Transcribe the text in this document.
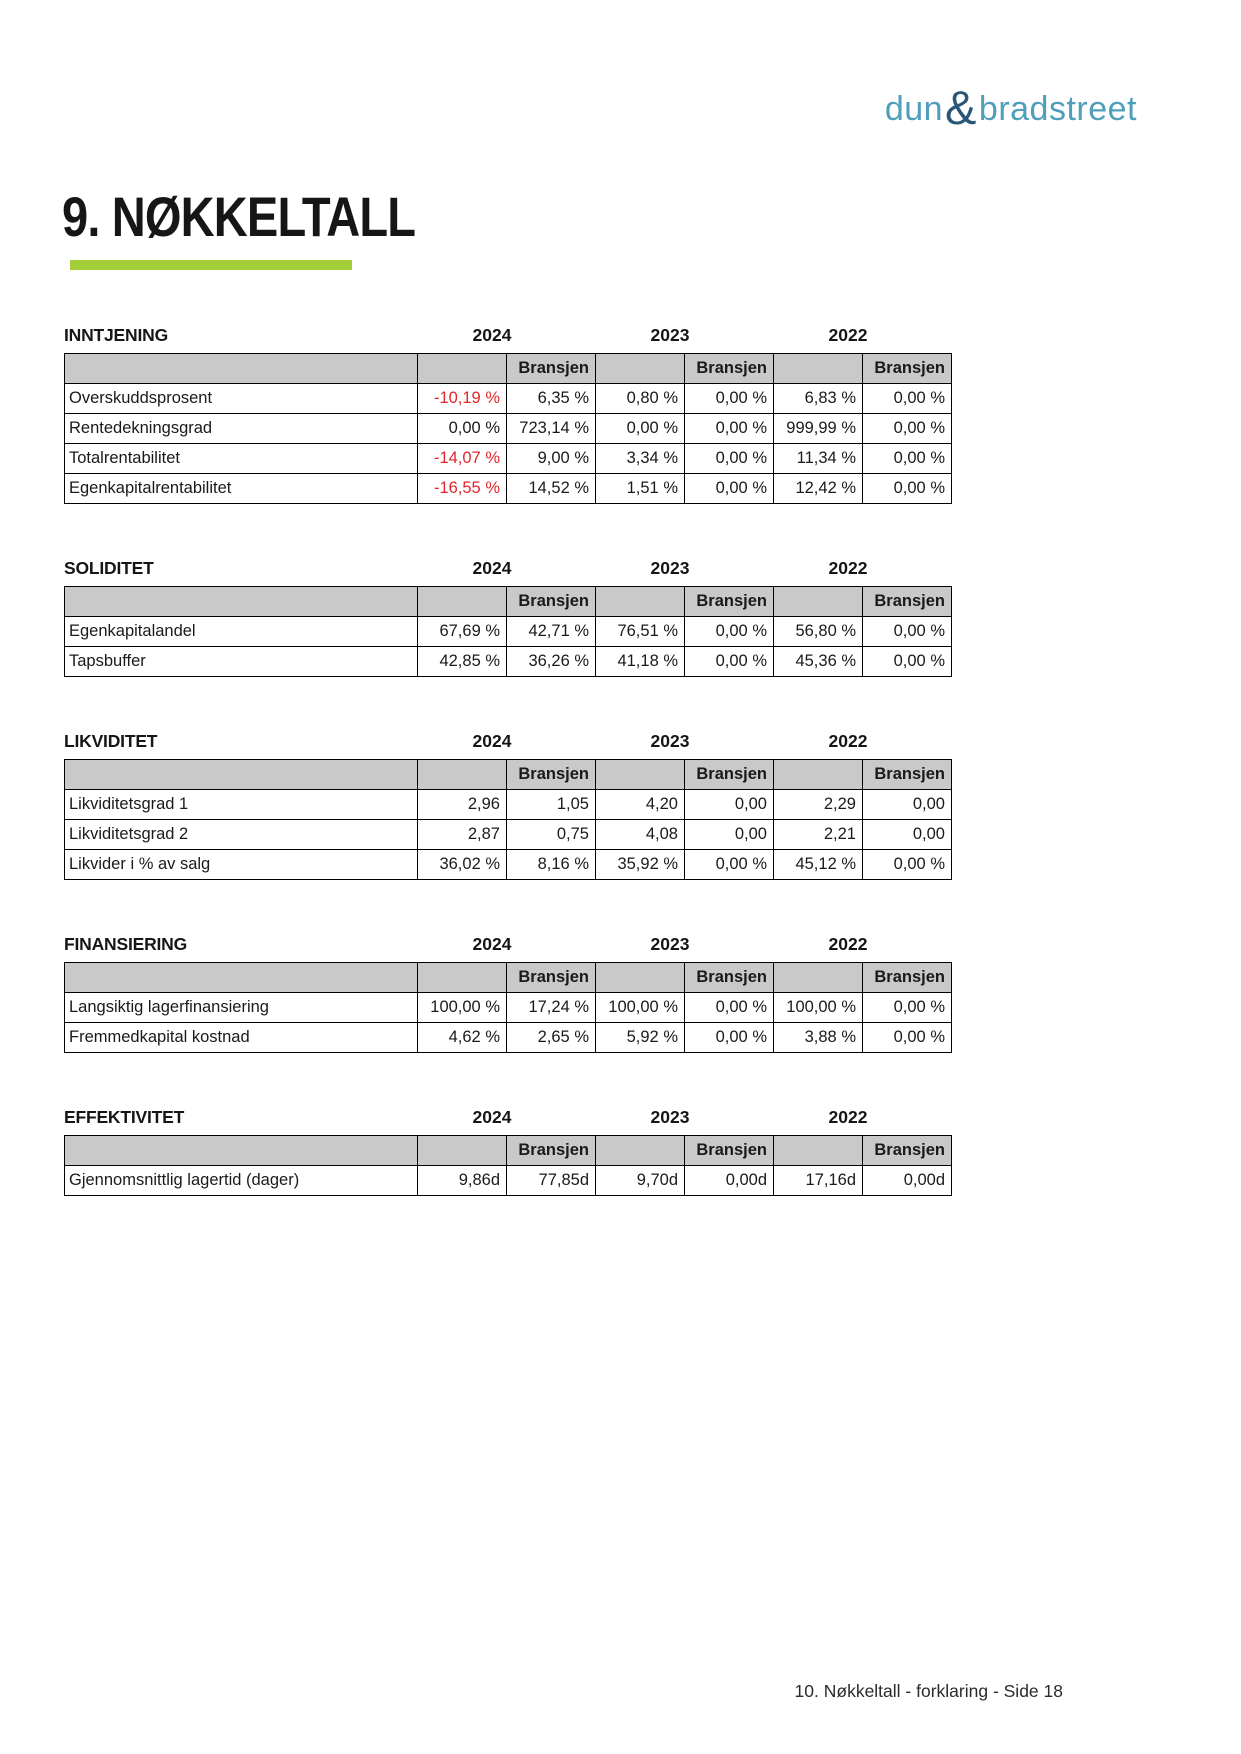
dun&bradstreet
9. NØKKELTALL
INNTJENING	2024	2023	2022
		Bransjen		Bransjen		Bransjen
Overskuddsprosent	-10,19 %	6,35 %	0,80 %	0,00 %	6,83 %	0,00 %
Rentedekningsgrad	0,00 %	723,14 %	0,00 %	0,00 %	999,99 %	0,00 %
Totalrentabilitet	-14,07 %	9,00 %	3,34 %	0,00 %	11,34 %	0,00 %
Egenkapitalrentabilitet	-16,55 %	14,52 %	1,51 %	0,00 %	12,42 %	0,00 %
SOLIDITET	2024	2023	2022
		Bransjen		Bransjen		Bransjen
Egenkapitalandel	67,69 %	42,71 %	76,51 %	0,00 %	56,80 %	0,00 %
Tapsbuffer	42,85 %	36,26 %	41,18 %	0,00 %	45,36 %	0,00 %
LIKVIDITET	2024	2023	2022
		Bransjen		Bransjen		Bransjen
Likviditetsgrad 1	2,96	1,05	4,20	0,00	2,29	0,00
Likviditetsgrad 2	2,87	0,75	4,08	0,00	2,21	0,00
Likvider i % av salg	36,02 %	8,16 %	35,92 %	0,00 %	45,12 %	0,00 %
FINANSIERING	2024	2023	2022
		Bransjen		Bransjen		Bransjen
Langsiktig lagerfinansiering	100,00 %	17,24 %	100,00 %	0,00 %	100,00 %	0,00 %
Fremmedkapital kostnad	4,62 %	2,65 %	5,92 %	0,00 %	3,88 %	0,00 %
EFFEKTIVITET	2024	2023	2022
		Bransjen		Bransjen		Bransjen
Gjennomsnittlig lagertid (dager)	9,86d	77,85d	9,70d	0,00d	17,16d	0,00d
10. Nøkkeltall - forklaring - Side 18
